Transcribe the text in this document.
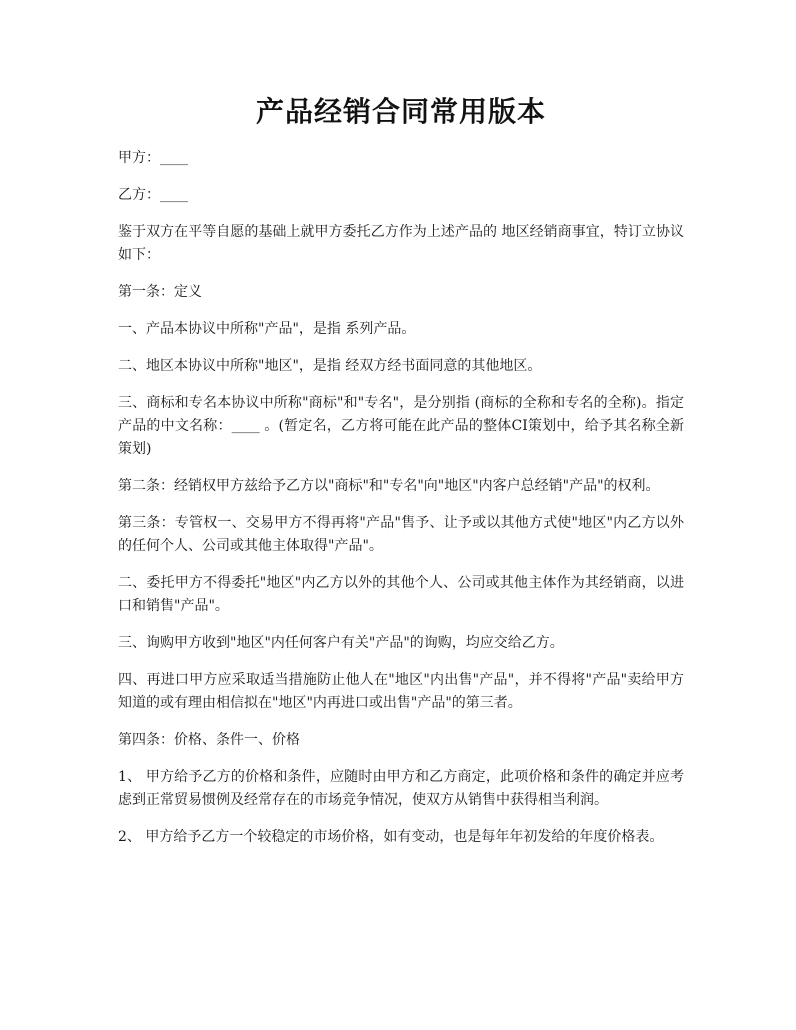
产品经销合同常用版本

甲方：____

乙方：____

鉴于双方在平等自愿的基础上就甲方委托乙方作为上述产品的 地区经销商事宜，特订立协议如下：

第一条：定义

一、产品本协议中所称"产品"，是指 系列产品。

二、地区本协议中所称"地区"，是指 经双方经书面同意的其他地区。

三、商标和专名本协议中所称"商标"和"专名"，是分别指 (商标的全称和专名的全称)。指定产品的中文名称：____ 。(暂定名，乙方将可能在此产品的整体CI策划中，给予其名称全新策划)

第二条：经销权甲方兹给予乙方以"商标"和"专名"向"地区"内客户总经销"产品"的权利。

第三条：专管权一、交易甲方不得再将"产品"售予、让予或以其他方式使"地区"内乙方以外的任何个人、公司或其他主体取得"产品"。

二、委托甲方不得委托"地区"内乙方以外的其他个人、公司或其他主体作为其经销商，以进口和销售"产品"。

三、询购甲方收到"地区"内任何客户有关"产品"的询购，均应交给乙方。

四、再进口甲方应采取适当措施防止他人在"地区"内出售"产品"，并不得将"产品"卖给甲方知道的或有理由相信拟在"地区"内再进口或出售"产品"的第三者。

第四条：价格、条件一、价格

1、 甲方给予乙方的价格和条件，应随时由甲方和乙方商定，此项价格和条件的确定并应考虑到正常贸易惯例及经常存在的市场竞争情况，使双方从销售中获得相当利润。

2、 甲方给予乙方一个较稳定的市场价格，如有变动，也是每年年初发给的年度价格表。
